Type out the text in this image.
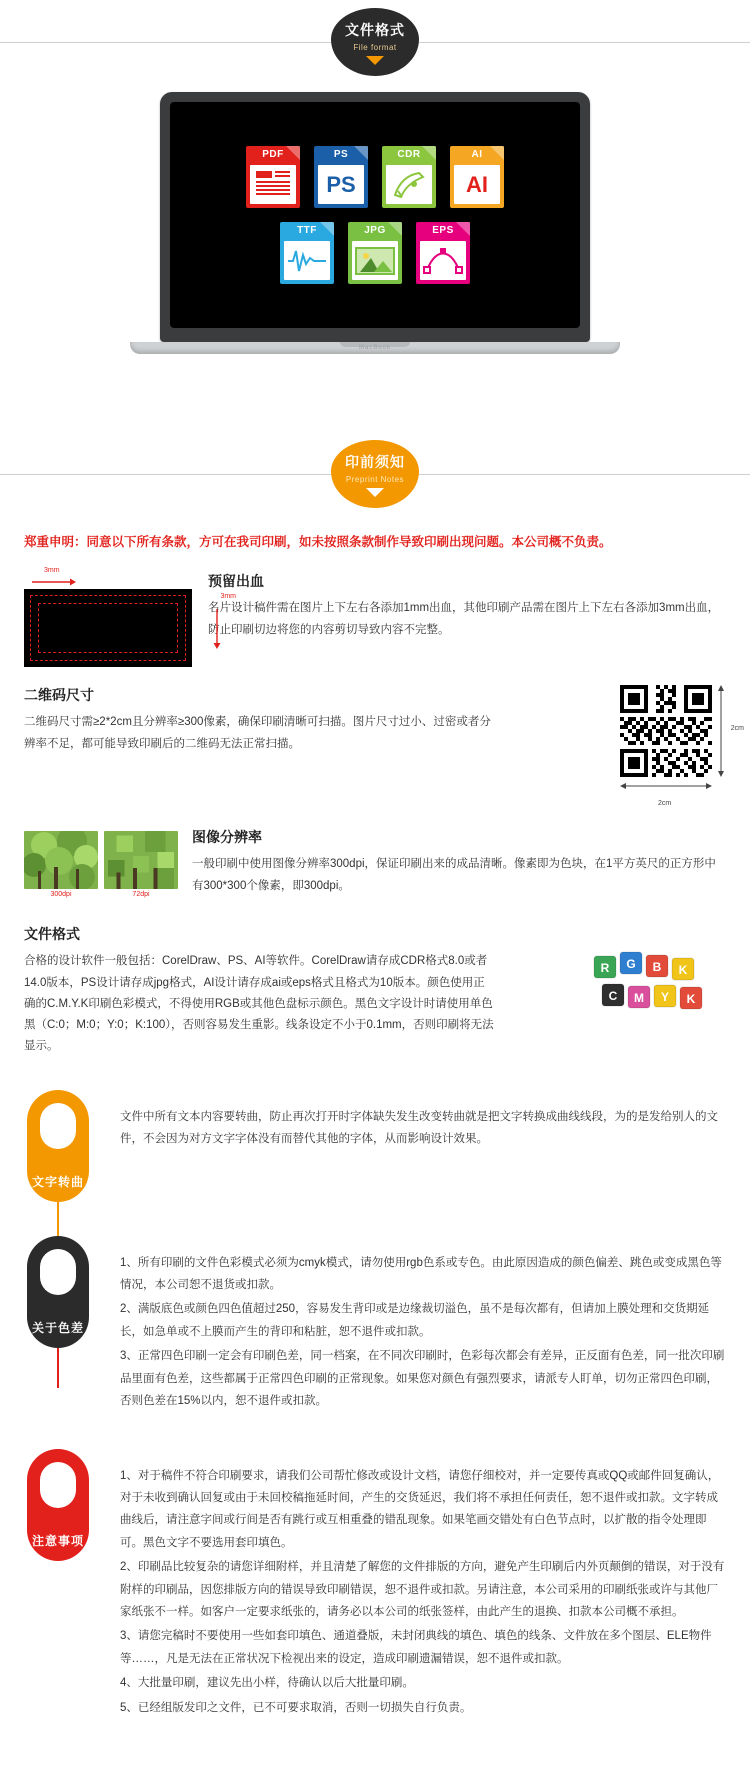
文件格式
File format
PDF	PS
PS
CDR	AI
AI
TTF	JPG	EPS
MacBook
印前须知
Preprint Notes
郑重申明：同意以下所有条款，方可在我司印刷，如未按照条款制作导致印刷出现问题。本公司概不负责。
3mm
3mm
预留出血

名片设计稿件需在图片上下左右各添加1mm出血，其他印刷产品需在图片上下左右各添加3mm出血，防止印刷切边将您的内容剪切导致内容不完整。

二维码尺寸

二维码尺寸需≥2*2cm且分辨率≥300像素，确保印刷清晰可扫描。图片尺寸过小、过密或者分辨率不足，都可能导致印刷后的二维码无法正常扫描。

2cm
2cm
300dpi	72dpi
图像分辨率

一般印刷中使用图像分辨率300dpi，保证印刷出来的成品清晰。像素即为色块，在1平方英尺的正方形中有300*300个像素，即300dpi。

文件格式

合格的设计软件一般包括：CorelDraw、PS、AI等软件。CorelDraw请存成CDR格式8.0或者14.0版本，PS设计请存成jpg格式，AI设计请存成ai或eps格式且格式为10版本。颜色使用正确的C.M.Y.K印刷色彩模式，不得使用RGB或其他色盘标示颜色。黑色文字设计时请使用单色黑（C:0；M:0；Y:0；K:100），否则容易发生重影。线条设定不小于0.1mm，否则印刷将无法显示。

R G B K
C M Y K
文字转曲

文件中所有文本内容要转曲，防止再次打开时字体缺失发生改变转曲就是把文字转换成曲线线段，为的是发给别人的文件，不会因为对方文字字体没有而替代其他的字体，从而影响设计效果。

关于色差

1、所有印刷的文件色彩模式必须为cmyk模式，请勿使用rgb色系或专色。由此原因造成的颜色偏差、跳色或变成黑色等情况，本公司恕不退货或扣款。

2、满版底色或颜色四色值超过250，容易发生背印或是边缘裁切溢色，虽不是每次都有，但请加上膜处理和交货期延长，如急单或不上膜而产生的背印和粘脏，恕不退件或扣款。

3、正常四色印刷一定会有印刷色差，同一档案，在不同次印刷时，色彩每次都会有差异，正反面有色差，同一批次印刷品里面有色差，这些都属于正常四色印刷的正常现象。如果您对颜色有强烈要求，请派专人盯单，切勿正常四色印刷，否则色差在15%以内，恕不退件或扣款。

注意事项

1、对于稿件不符合印刷要求，请我们公司帮忙修改或设计文档，请您仔细校对，并一定要传真或QQ或邮件回复确认，对于未收到确认回复或由于未回校稿拖延时间，产生的交货延迟，我们将不承担任何责任，恕不退件或扣款。文字转成曲线后，请注意字间或行间是否有跳行或互相重叠的错乱现象。如果笔画交错处有白色节点时，以扩散的指令处理即可。黑色文字不要选用套印填色。

2、印刷品比较复杂的请您详细附样，并且清楚了解您的文件排版的方向，避免产生印刷后内外页颠倒的错误，对于没有附样的印刷品，因您排版方向的错误导致印刷错误，恕不退件或扣款。另请注意，本公司采用的印刷纸张或许与其他厂家纸张不一样。如客户一定要求纸张的，请务必以本公司的纸张签样，由此产生的退换、扣款本公司概不承担。

3、请您完稿时不要使用一些如套印填色、通道叠版，未封闭典线的填色、填色的线条、文件放在多个图层、ELE物件等……，凡是无法在正常状况下检视出来的设定，造成印刷遗漏错误，恕不退件或扣款。

4、大批量印刷，建议先出小样，待确认以后大批量印刷。

5、已经组版发印之文件，已不可要求取消，否则一切损失自行负责。
